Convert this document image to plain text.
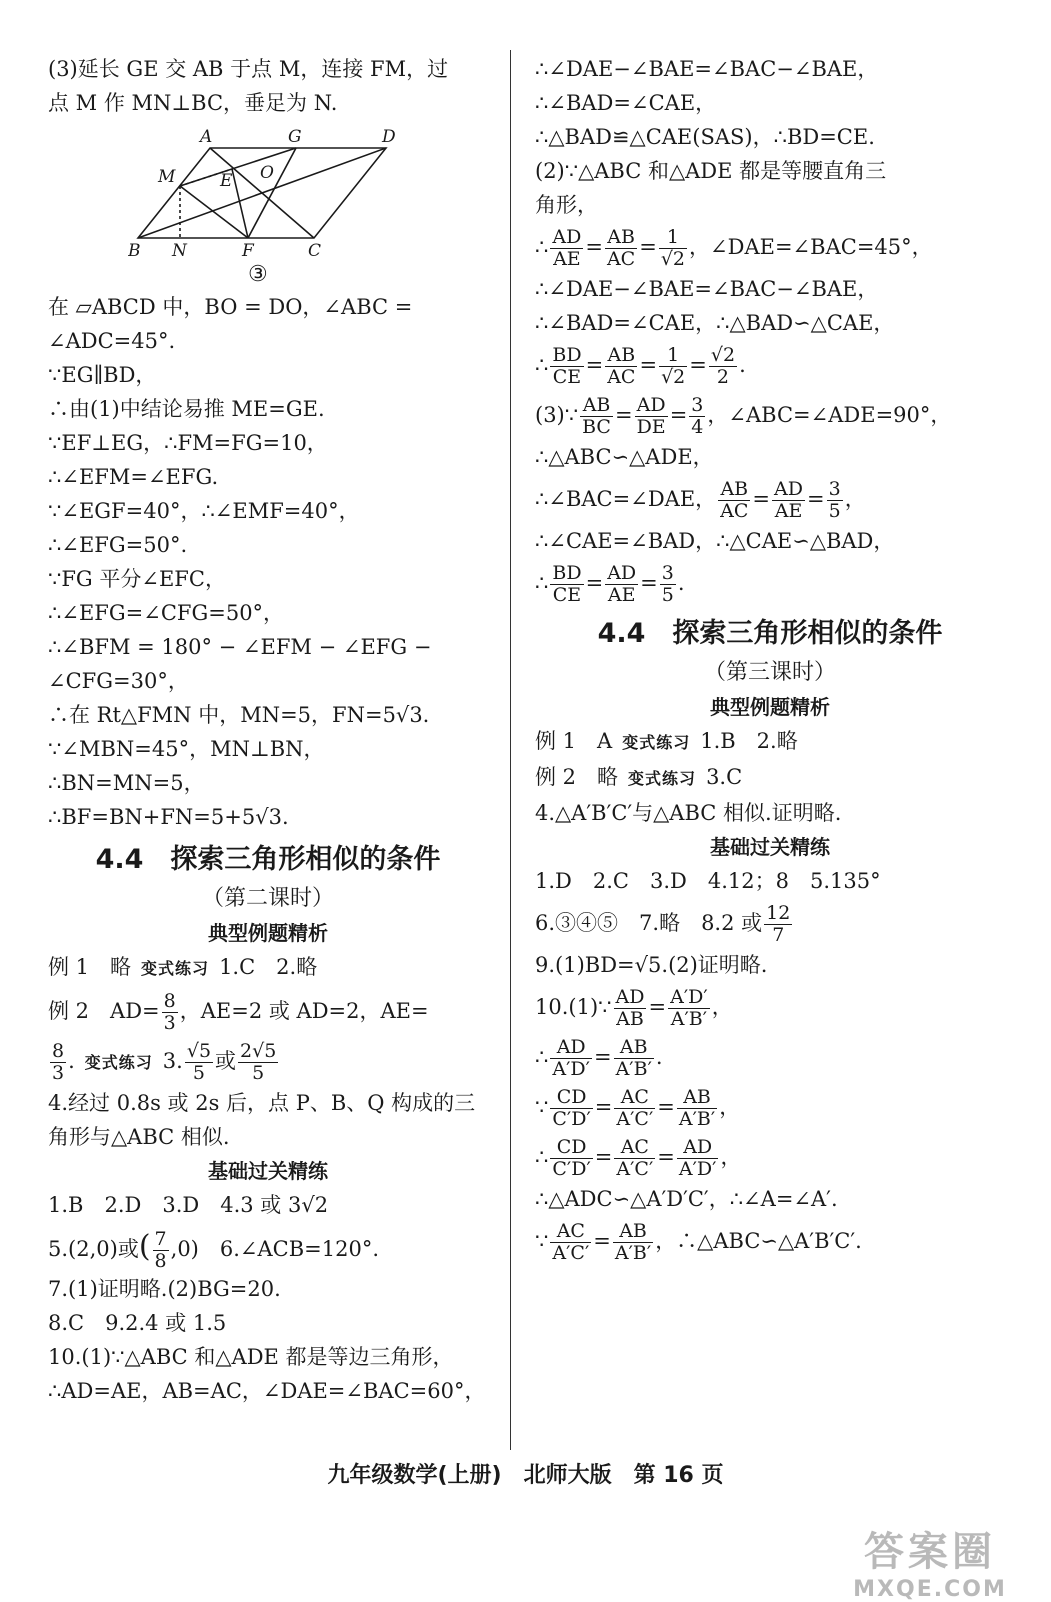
(3)延长 GE 交 AB 于点 M，连接 FM，过
点 M 作 MN⊥BC，垂足为 N.
A	G	D
M	E O
B N	F	C
③
在 ▱ABCD 中，BO = DO，∠ABC =
∠ADC=45°.
∵EG∥BD，
∴由(1)中结论易推 ME=GE.
∵EF⊥EG，∴FM=FG=10，
∴∠EFM=∠EFG.
∵∠EGF=40°，∴∠EMF=40°，
∴∠EFG=50°.
∵FG 平分∠EFC，
∴∠EFG=∠CFG=50°，
∴∠BFM = 180° − ∠EFM − ∠EFG −
∠CFG=30°，
∴在 Rt△FMN 中，MN=5，FN=5√3.
∵∠MBN=45°，MN⊥BN，
∴BN=MN=5，
∴BF=BN+FN=5+5√3.
4.4　探索三角形相似的条件
（第二课时）
典型例题精析
例 1　略 变式练习 1.C　2.略
例 2　$AD= \frac{8}{3}$ ，AE=2 或 AD=2，AE=
$\frac{8}{3}$ . 变式练习 3. $\frac{√5}{5}$ 或 $\frac{2√5}{5}$
4.经过 0.8s 或 2s 后，点 P、B、Q 构成的三
角形与△ABC 相似.
基础过关精练
1.B　2.D　3.D　4.3 或 3√2
5.(2,0)或( $\frac{7}{8} ,0$)　6.∠ACB=120°.
7.(1)证明略.(2)BG=20.
8.C　9.2.4 或 1.5
10.(1)∵△ABC 和△ADE 都是等边三角形，
∴AD=AE，AB=AC，∠DAE=∠BAC=60°，
∴∠DAE−∠BAE=∠BAC−∠BAE，
∴∠BAD=∠CAE，
∴△BAD≌△CAE(SAS)，∴BD=CE.
(2)∵△ABC 和△ADE 都是等腰直角三
角形，
∴ $\frac{AD}{AE} = \frac{AB}{AC} = \frac{1}{√2}$ ，∠DAE=∠BAC=45°，
∴∠DAE−∠BAE=∠BAC−∠BAE，
∴∠BAD=∠CAE，∴△BAD∽△CAE，
∴ $\frac{BD}{CE} = \frac{AB}{AC} = \frac{1}{√2} = \frac{√2}{2}$ .
(3)∵ $\frac{AB}{BC} = \frac{AD}{DE} = \frac{3}{4}$ ，∠ABC=∠ADE=90°，
∴△ABC∽△ADE，
∴∠BAC=∠DAE， $\frac{AB}{AC} = \frac{AD}{AE} = \frac{3}{5}$ ，
∴∠CAE=∠BAD，∴△CAE∽△BAD，
∴ $\frac{BD}{CE} = \frac{AD}{AE} = \frac{3}{5}$ .
4.4　探索三角形相似的条件
（第三课时）
典型例题精析
例 1　A 变式练习 1.B　2.略
例 2　略 变式练习 3.C
4.△A′B′C′与△ABC 相似.证明略.
基础过关精练
1.D　2.C　3.D　4.12；8　5.135°
6.③④⑤　7.略　8.2 或 $\frac{12}{7}$
9.(1)BD=√5.(2)证明略.
10.(1)∵ $\frac{AD}{AB} = \frac{A'D'}{A'B'}$ ，
∴ $\frac{AD}{A'D'} = \frac{AB}{A'B'}$ .
∵ $\frac{CD}{C'D'} = \frac{AC}{A'C'} = \frac{AB}{A'B'}$ ，
∴ $\frac{CD}{C'D'} = \frac{AC}{A'C'} = \frac{AD}{A'D'}$ ，
∴△ADC∽△A′D′C′，∴∠A=∠A′.
∵ $\frac{AC}{A'C'} = \frac{AB}{A'B'}$ ，∴△ABC∽△A′B′C′.
九年级数学(上册)　北师大版　第 16 页
答案圈
MXQE.COM
